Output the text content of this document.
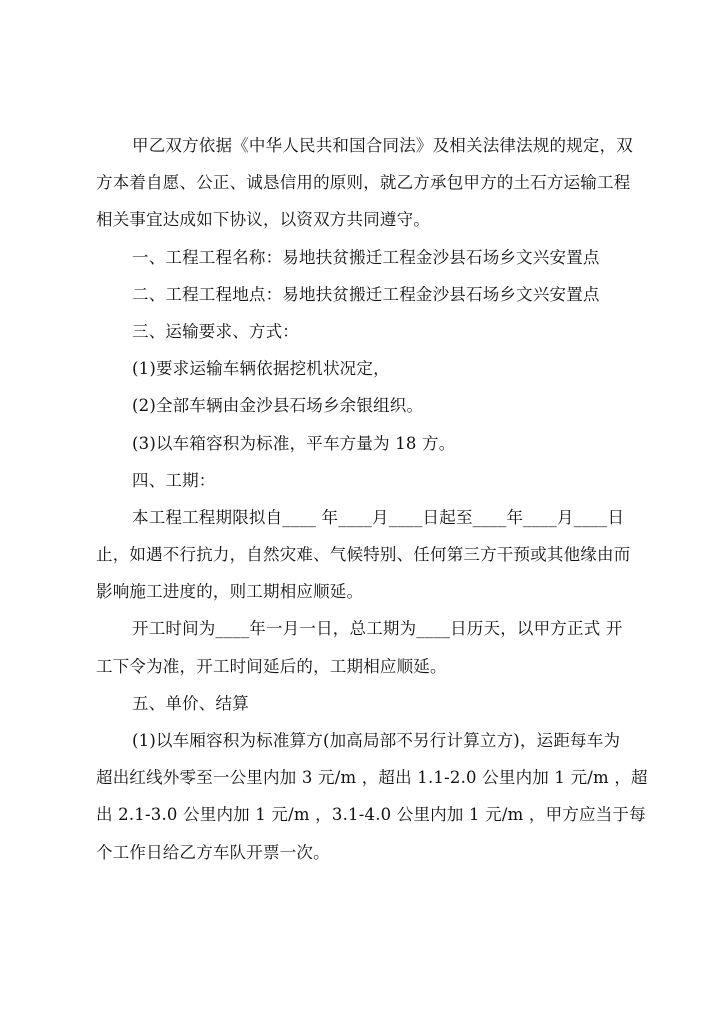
甲乙双方依据《中华人民共和国合同法》及相关法律法规的规定，双
方本着自愿、公正、诚恳信用的原则，就乙方承包甲方的土石方运输工程
相关事宜达成如下协议，以资双方共同遵守。
一、工程工程名称：易地扶贫搬迁工程金沙县石场乡文兴安置点
二、工程工程地点：易地扶贫搬迁工程金沙县石场乡文兴安置点
三、运输要求、方式：
(1)要求运输车辆依据挖机状况定，
(2)全部车辆由金沙县石场乡余银组织。
(3)以车箱容积为标准，平车方量为 18 方。
四、工期：
本工程工程期限拟自____ 年____月____日起至____年____月____日
止，如遇不行抗力，自然灾难、气候特别、任何第三方干预或其他缘由而
影响施工进度的，则工期相应顺延。
开工时间为____年一月一日，总工期为____日历天，以甲方正式 开
工下令为准，开工时间延后的，工期相应顺延。
五、单价、结算
(1)以车厢容积为标准算方(加高局部不另行计算立方)，运距每车为
超出红线外零至一公里内加 3 元/m ，超出 1.1-2.0 公里内加 1 元/m ，超
出 2.1-3.0 公里内加 1 元/m ，3.1-4.0 公里内加 1 元/m ，甲方应当于每
个工作日给乙方车队开票一次。
